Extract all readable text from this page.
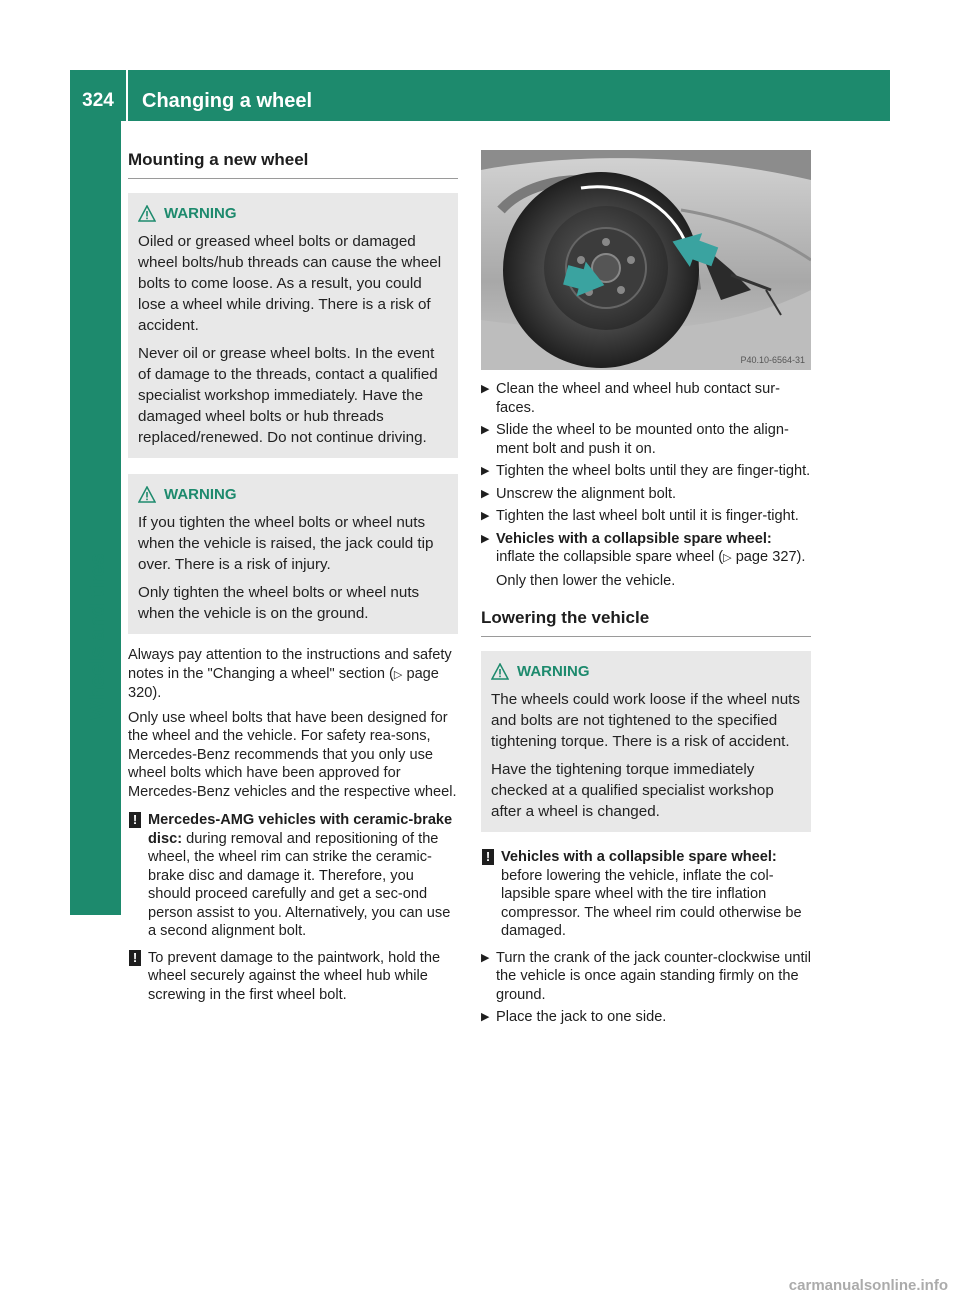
324	Changing a wheel
Wheels and tires
Mounting a new wheel
WARNING

Oiled or greased wheel bolts or damaged wheel bolts/hub threads can cause the wheel bolts to come loose. As a result, you could lose a wheel while driving. There is a risk of accident.

Never oil or grease wheel bolts. In the event of damage to the threads, contact a qualified specialist workshop immediately. Have the damaged wheel bolts or hub threads replaced/renewed. Do not continue driving.

WARNING

If you tighten the wheel bolts or wheel nuts when the vehicle is raised, the jack could tip over. There is a risk of injury.

Only tighten the wheel bolts or wheel nuts when the vehicle is on the ground.

Always pay attention to the instructions and safety notes in the "Changing a wheel" section (▷ page 320).

Only use wheel bolts that have been designed for the wheel and the vehicle. For safety rea-sons, Mercedes-Benz recommends that you only use wheel bolts which have been approved for Mercedes-Benz vehicles and the respective wheel.

! Mercedes-AMG vehicles with ceramic-brake disc: during removal and repositioning of the wheel, the wheel rim can strike the ceramic-brake disc and damage it. Therefore, you should proceed carefully and get a sec-ond person assist to you. Alternatively, you can use a second alignment bolt.
! To prevent damage to the paintwork, hold the wheel securely against the wheel hub while screwing in the first wheel bolt.
P40.10-6564-31
▶ Clean the wheel and wheel hub contact sur-faces.
▶ Slide the wheel to be mounted onto the align-ment bolt and push it on.
▶ Tighten the wheel bolts until they are finger-tight.
▶ Unscrew the alignment bolt.
▶ Tighten the last wheel bolt until it is finger-tight.
▶ Vehicles with a collapsible spare wheel: inflate the collapsible spare wheel (▷ page 327).
Only then lower the vehicle.
Lowering the vehicle
WARNING

The wheels could work loose if the wheel nuts and bolts are not tightened to the specified tightening torque. There is a risk of accident.

Have the tightening torque immediately checked at a qualified specialist workshop after a wheel is changed.

! Vehicles with a collapsible spare wheel: before lowering the vehicle, inflate the col-lapsible spare wheel with the tire inflation compressor. The wheel rim could otherwise be damaged.
▶ Turn the crank of the jack counter-clockwise until the vehicle is once again standing firmly on the ground.
▶ Place the jack to one side.
carmanualsonline.info
